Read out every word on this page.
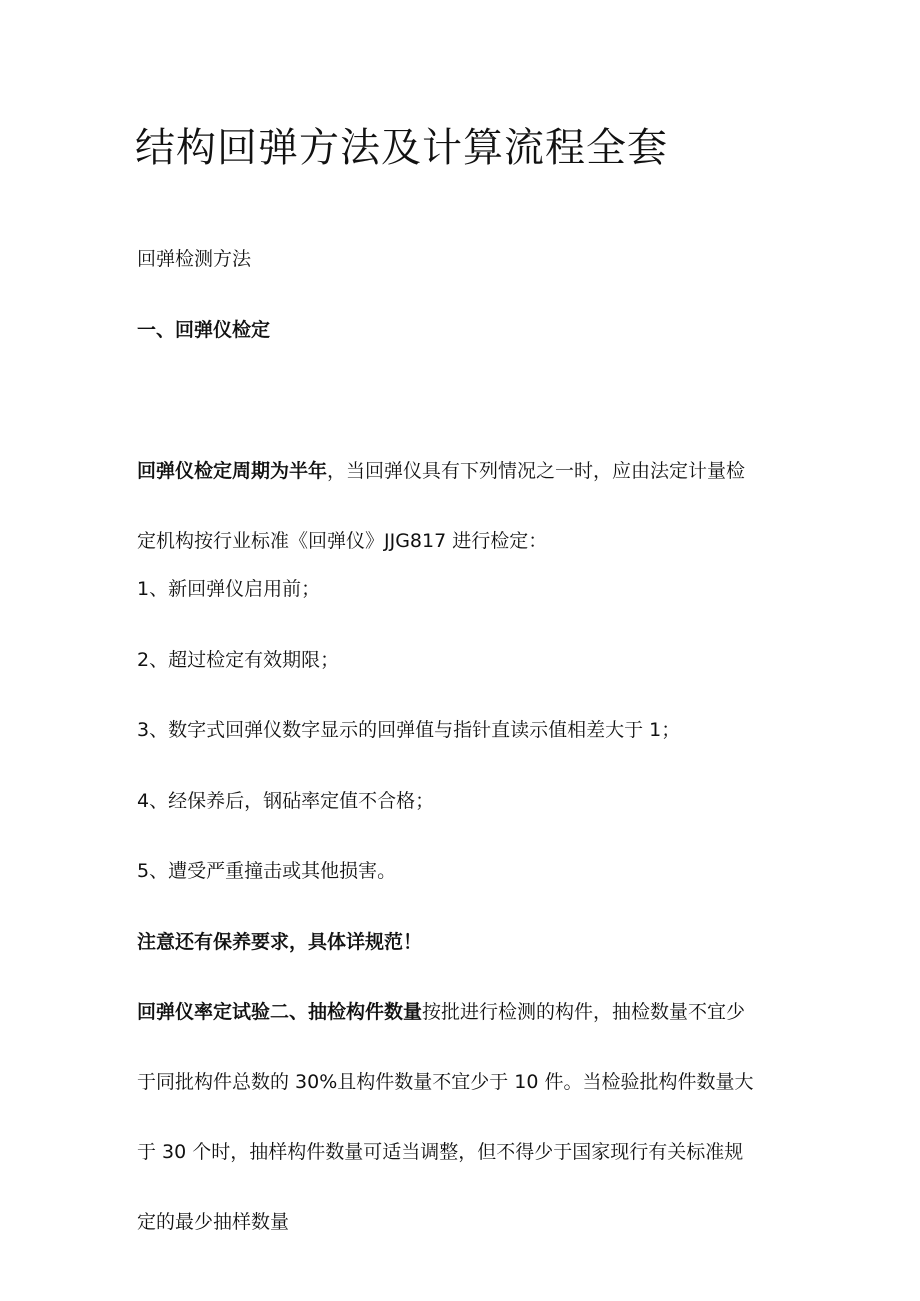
结构回弹方法及计算流程全套

回弹检测方法

一、回弹仪检定

回弹仪检定周期为半年，当回弹仪具有下列情况之一时，应由法定计量检
定机构按行业标准《回弹仪》JJG817 进行检定：

1、新回弹仪启用前；

2、超过检定有效期限；

3、数字式回弹仪数字显示的回弹值与指针直读示值相差大于 1；

4、经保养后，钢砧率定值不合格；

5、遭受严重撞击或其他损害。

注意还有保养要求，具体详规范！

回弹仪率定试验二、抽检构件数量按批进行检测的构件，抽检数量不宜少
于同批构件总数的 30%且构件数量不宜少于 10 件。当检验批构件数量大
于 30 个时，抽样构件数量可适当调整，但不得少于国家现行有关标准规
定的最少抽样数量
